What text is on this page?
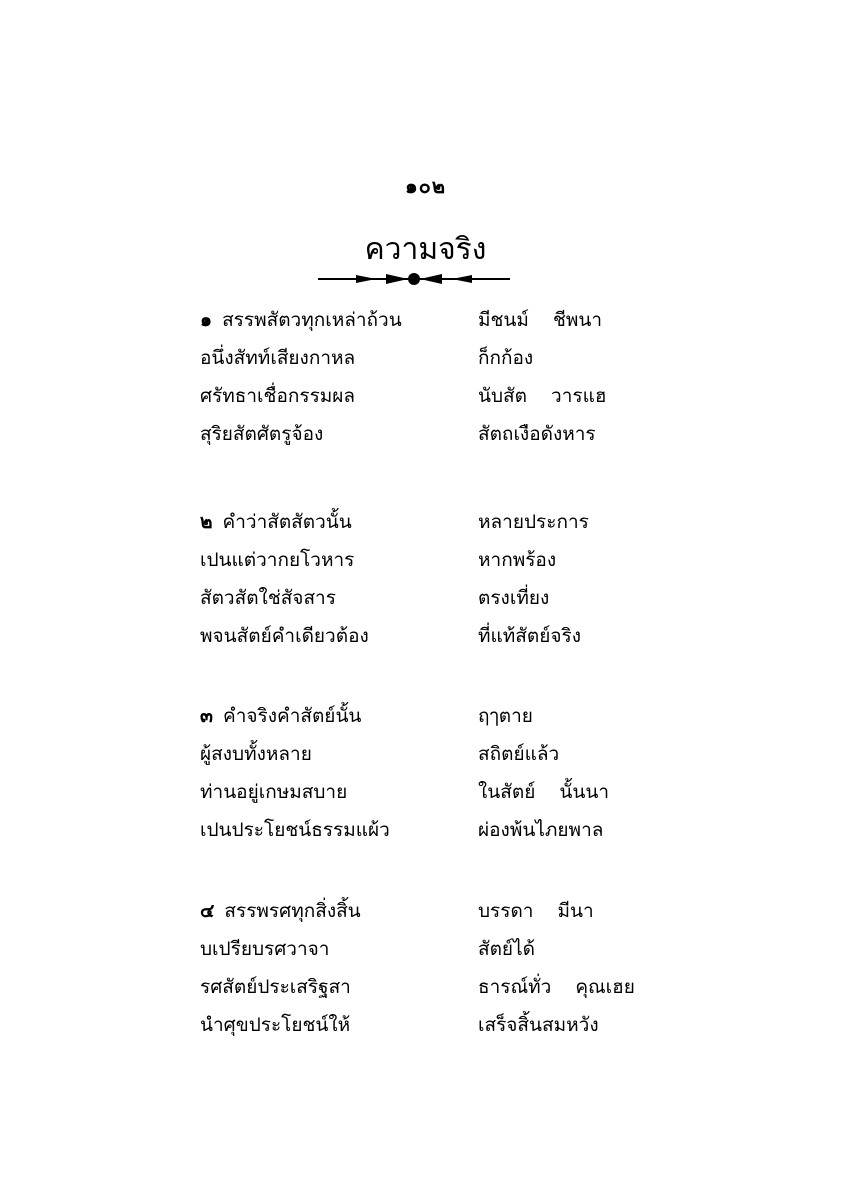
๑๐๒
ความจริง
๑ สรรพสัตวทุกเหล่าถ้วน	มีชนม์ ชีพนา
อนึ่งสัทท์เสียงกาหล	ก็กก้อง
ศรัทธาเชื่อกรรมผล	นับสัต วารแฮ
สุริยสัตศัตรูจ้อง	สัตถเงือดังหาร
๒ คำว่าสัตสัตวนั้น	หลายประการ
เปนแต่วากยโวหาร	หากพร้อง
สัตวสัตใช่สัจสาร	ตรงเที่ยง
พจนสัตย์คำเดียวต้อง	ที่แท้สัตย์จริง
๓ คำจริงคำสัตย์นั้น	ฤๅตาย
ผู้สงบทั้งหลาย	สถิตย์แล้ว
ท่านอยู่เกษมสบาย	ในสัตย์ นั้นนา
เปนประโยชน์ธรรมแผ้ว	ผ่องพ้นไภยพาล
๔ สรรพรศทุกสิ่งสิ้น	บรรดา มีนา
บเปรียบรศวาจา	สัตย์ได้
รศสัตย์ประเสริฐสา	ธารณ์ทั่ว คุณเฮย
นำศุขประโยชน์ให้	เสร็จสิ้นสมหวัง
